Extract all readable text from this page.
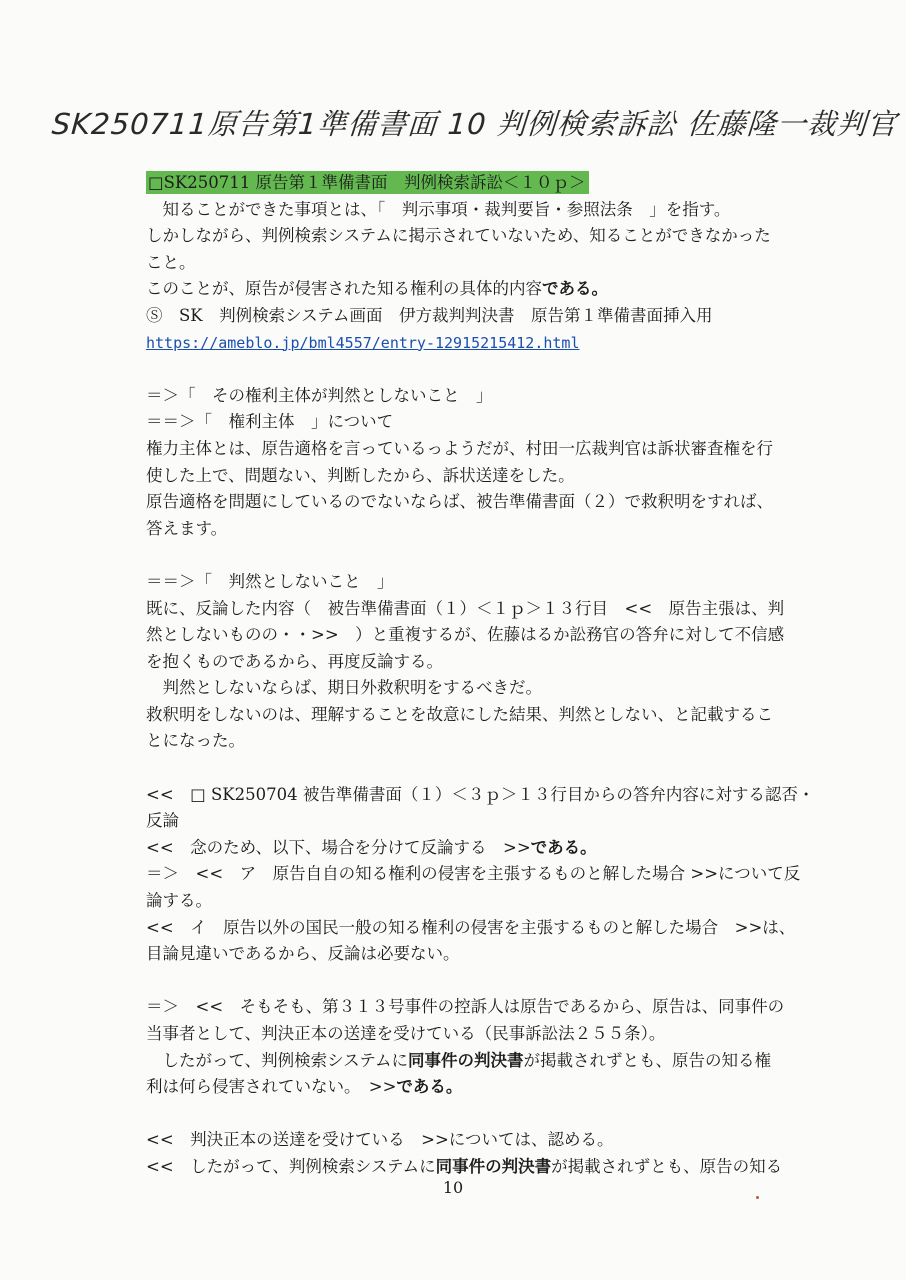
SK250711原告第1準備書面 10 判例検索訴訟 佐藤隆一裁判官
□SK250711 原告第１準備書面　判例検索訴訟＜１０ｐ＞
　知ることができた事項とは、「　判示事項・裁判要旨・参照法条　」を指す。
しかしながら、判例検索システムに掲示されていないため、知ることができなかった
こと。
このことが、原告が侵害された知る権利の具体的内容である。
Ⓢ　SK　判例検索システム画面　伊方裁判判決書　原告第１準備書面挿入用
https://ameblo.jp/bml4557/entry-12915215412.html
＝＞「　その権利主体が判然としないこと　」
＝＝＞「　権利主体　」について
権力主体とは、原告適格を言っているっようだが、村田一広裁判官は訴状審査権を行
使した上で、問題ない、判断したから、訴状送達をした。
原告適格を問題にしているのでないならば、被告準備書面（２）で救釈明をすれば、
答えます。
＝＝＞「　判然としないこと　」
既に、反論した内容（　被告準備書面（１）＜１ｐ＞１３行目　<<　原告主張は、判
然としないものの・・>>　）と重複するが、佐藤はるか訟務官の答弁に対して不信感
を抱くものであるから、再度反論する。
　判然としないならば、期日外救釈明をするべきだ。
救釈明をしないのは、理解することを故意にした結果、判然としない、と記載するこ
とになった。
<<　□ SK250704 被告準備書面（１）＜３ｐ＞１３行目からの答弁内容に対する認否・
反論
<<　念のため、以下、場合を分けて反論する　>>である。
＝＞　<<　ア　原告自自の知る権利の侵害を主張するものと解した場合 >>について反
論する。
<<　イ　原告以外の国民一般の知る権利の侵害を主張するものと解した場合　>>は、
目論見違いであるから、反論は必要ない。
＝＞　<<　そもそも、第３１３号事件の控訴人は原告であるから、原告は、同事件の
当事者として、判決正本の送達を受けている（民事訴訟法２５５条）。
　したがって、判例検索システムに同事件の判決書が掲載されずとも、原告の知る権
利は何ら侵害されていない。　>>である。
<<　判決正本の送達を受けている　>>については、認める。
<<　したがって、判例検索システムに同事件の判決書が掲載されずとも、原告の知る
10
